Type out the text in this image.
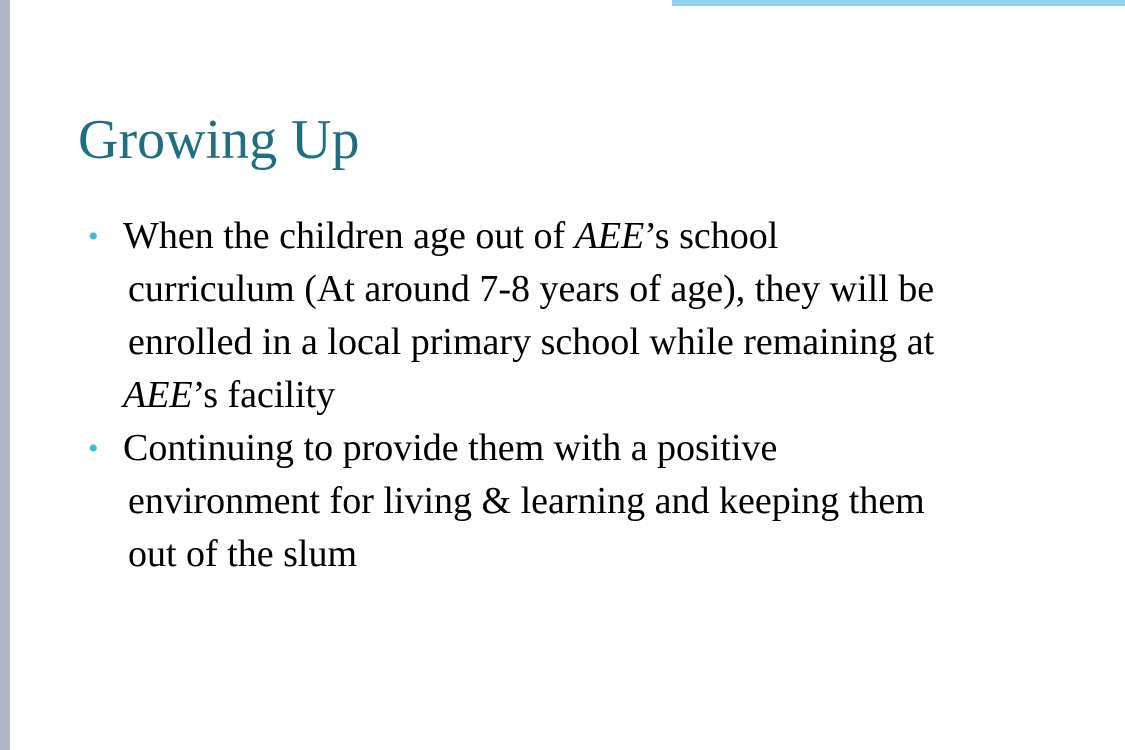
Growing Up
• When the children age out of AEE’s school
curriculum (At around 7-8 years of age), they will be
enrolled in a local primary school while remaining at
AEE’s facility
• Continuing to provide them with a positive
environment for living & learning and keeping them
out of the slum
